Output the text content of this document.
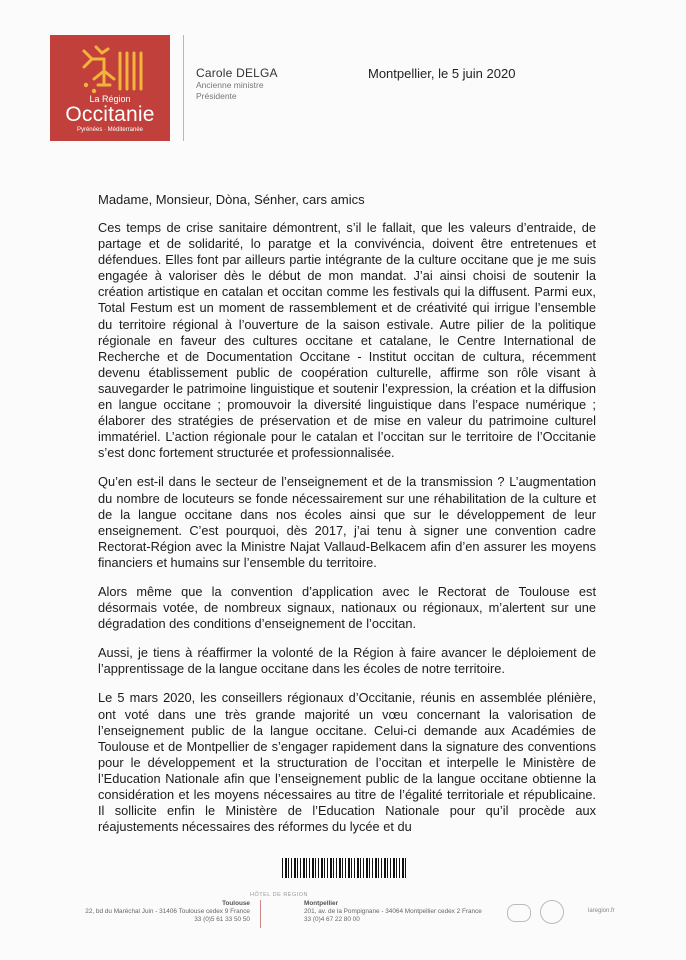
La Région
Occitanie
Pyrénées · Méditerranée
Carole DELGA
Ancienne ministre
Présidente
Montpellier, le 5 juin 2020
Madame, Monsieur, Dòna, Sénher, cars amics

Ces temps de crise sanitaire démontrent, s’il le fallait, que les valeurs d’entraide, de partage et de solidarité, lo paratge et la convivéncia, doivent être entretenues et défendues. Elles font par ailleurs partie intégrante de la culture occitane que je me suis engagée à valoriser dès le début de mon mandat. J’ai ainsi choisi de soutenir la création artistique en catalan et occitan comme les festivals qui la diffusent. Parmi eux, Total Festum est un moment de rassemblement et de créativité qui irrigue l’ensemble du territoire régional à l’ouverture de la saison estivale. Autre pilier de la politique régionale en faveur des cultures occitane et catalane, le Centre International de Recherche et de Documentation Occitane - Institut occitan de cultura, récemment devenu établissement public de coopération culturelle, affirme son rôle visant à sauvegarder le patrimoine linguistique et soutenir l’expression, la création et la diffusion en langue occitane ; promouvoir la diversité linguistique dans l’espace numérique ; élaborer des stratégies de préservation et de mise en valeur du patrimoine culturel immatériel. L’action régionale pour le catalan et l’occitan sur le territoire de l’Occitanie s’est donc fortement structurée et professionnalisée.

Qu’en est-il dans le secteur de l’enseignement et de la transmission ? L’augmentation du nombre de locuteurs se fonde nécessairement sur une réhabilitation de la culture et de la langue occitane dans nos écoles ainsi que sur le développement de leur enseignement. C’est pourquoi, dès 2017, j’ai tenu à signer une convention cadre Rectorat-Région avec la Ministre Najat Vallaud-Belkacem afin d’en assurer les moyens financiers et humains sur l’ensemble du territoire.

Alors même que la convention d’application avec le Rectorat de Toulouse est désormais votée, de nombreux signaux, nationaux ou régionaux, m’alertent sur une dégradation des conditions d’enseignement de l’occitan.

Aussi, je tiens à réaffirmer la volonté de la Région à faire avancer le déploiement de l’apprentissage de la langue occitane dans les écoles de notre territoire.

Le 5 mars 2020, les conseillers régionaux d’Occitanie, réunis en assemblée plénière, ont voté dans une très grande majorité un vœu concernant la valorisation de l’enseignement public de la langue occitane. Celui-ci demande aux Académies de Toulouse et de Montpellier de s’engager rapidement dans la signature des conventions pour le développement et la structuration de l’occitan et interpelle le Ministère de l’Education Nationale afin que l’enseignement public de la langue occitane obtienne la considération et les moyens nécessaires au titre de l’égalité territoriale et républicaine. Il sollicite enfin le Ministère de l’Education Nationale pour qu’il procède aux réajustements nécessaires des réformes du lycée et du

HÔTEL DE RÉGION
Toulouse
22, bd du Maréchal Juin - 31406 Toulouse cedex 9 France
33 (0)5 61 33 50 50
Montpellier
201, av. de la Pompignane - 34064 Montpellier cedex 2 France
33 (0)4 67 22 80 00
laregion.fr
